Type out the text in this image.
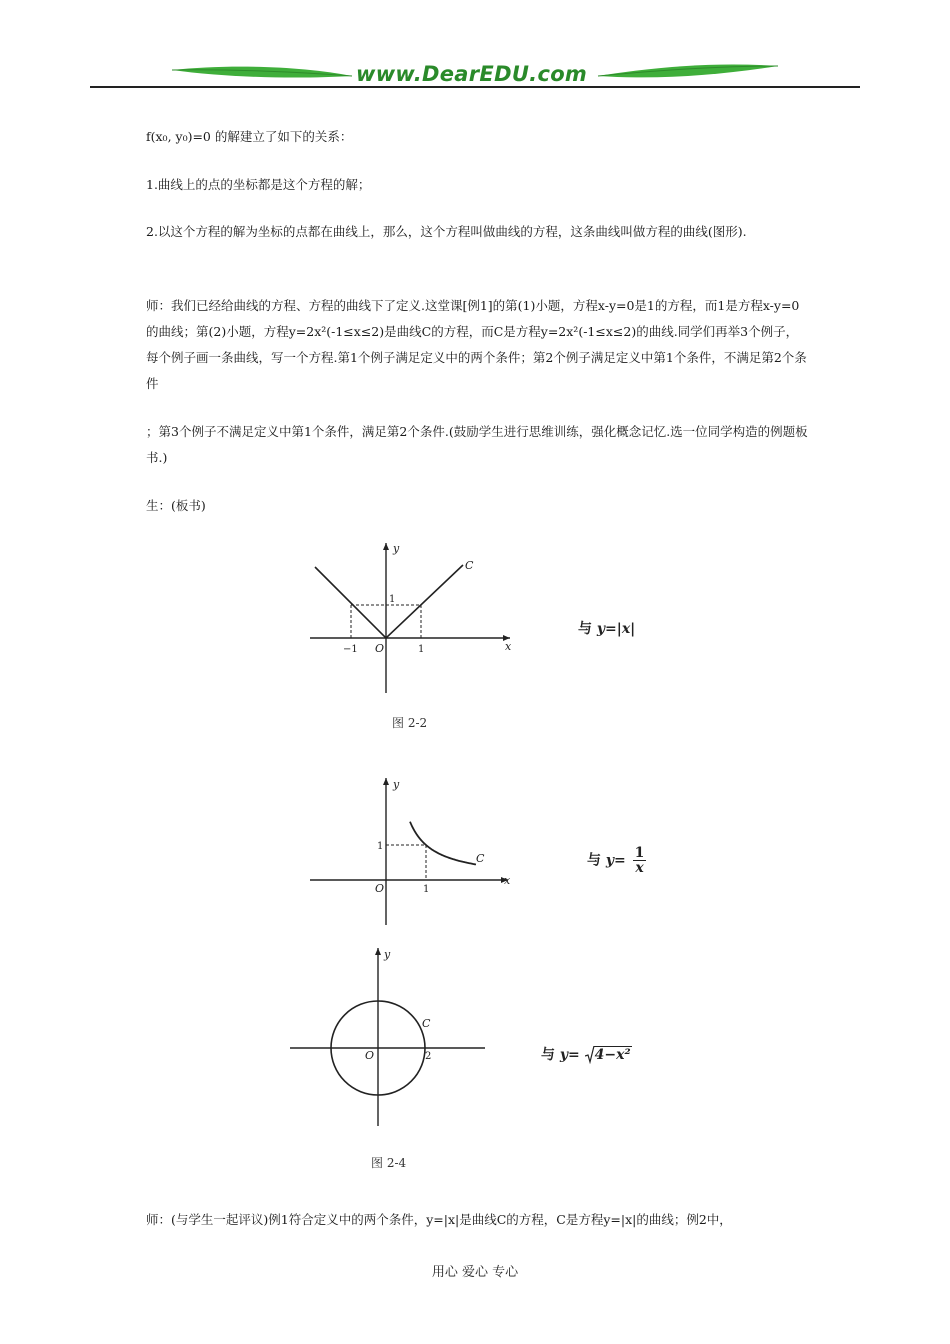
www.DearEDU.com

f(x₀, y₀)=0 的解建立了如下的关系：

1.曲线上的点的坐标都是这个方程的解；

2.以这个方程的解为坐标的点都在曲线上，那么，这个方程叫做曲线的方程，这条曲线叫做方程的曲线(图形).

师：我们已经给曲线的方程、方程的曲线下了定义.这堂课[例1]的第(1)小题，方程x-y=0是1的方程，而1是方程x-y=0的曲线；第(2)小题，方程y=2x²(-1≤x≤2)是曲线C的方程，而C是方程y=2x²(-1≤x≤2)的曲线.同学们再举3个例子，每个例子画一条曲线，写一个方程.第1个例子满足定义中的两个条件；第2个例子满足定义中第1个条件，不满足第2个条件

；第3个例子不满足定义中第1个条件，满足第2个条件.(鼓励学生进行思维训练，强化概念记忆.选一位同学构造的例题板书.)

生：(板书)

y
x
C
O
−1	1
1
与 y=|x|
图 2-2
y
x
C
O	1
1
与 $y= \frac{1}{x}$
y
C
O	2	与 y= 4−x²
图 2-4

师：(与学生一起评议)例1符合定义中的两个条件，y=|x|是曲线C的方程，C是方程y=|x|的曲线；例2中，

用心 爱心 专心
